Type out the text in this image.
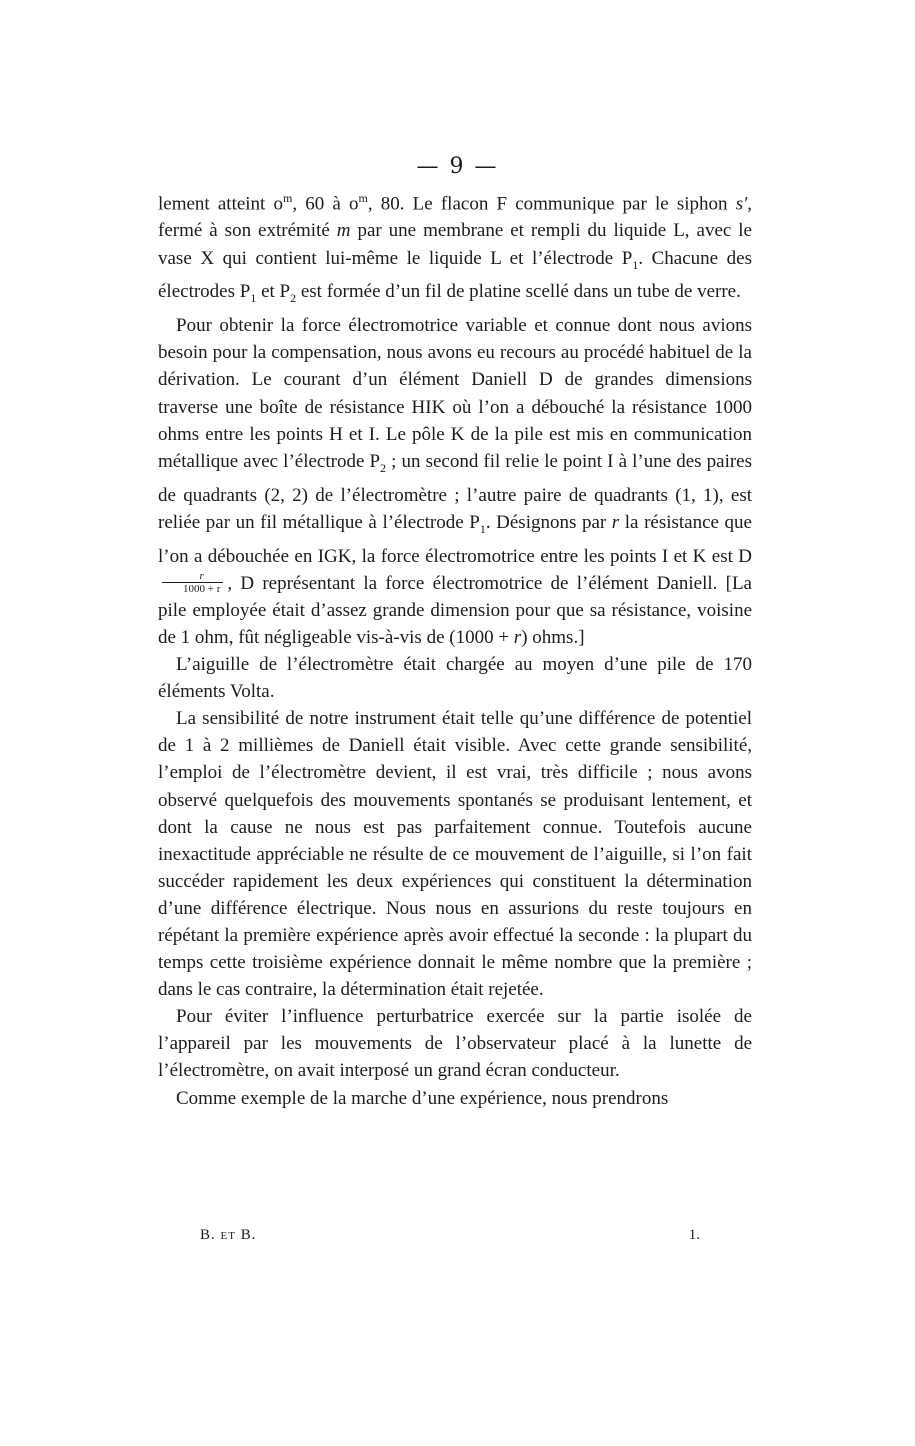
— 9 —

lement atteint $o^m$, 60 à $o^m$, 80. Le flacon F communique par le siphon s′, fermé à son extrémité m par une membrane et rempli du liquide L, avec le vase X qui contient lui-même le liquide L et l’électrode $P_1$. Chacune des électrodes $P_1$ et $P_2$ est formée d’un fil de platine scellé dans un tube de verre.

Pour obtenir la force électromotrice variable et connue dont nous avions besoin pour la compensation, nous avons eu recours au procédé habituel de la dérivation. Le courant d’un élément Daniell D de grandes dimensions traverse une boîte de résistance HIK où l’on a débouché la résistance 1000 ohms entre les points H et I. Le pôle K de la pile est mis en communication métallique avec l’électrode $P_2$ ; un second fil relie le point I à l’une des paires de quadrants (2, 2) de l’électromètre ; l’autre paire de quadrants (1, 1), est reliée par un fil métallique à l’électrode $P_1$. Désignons par r la résistance que l’on a débouchée en IGK, la force électromotrice entre les points I et K est D
$\frac{r}{1000 + r}$ , D représentant la force électromotrice de l’élément Daniell. [La pile employée était d’assez grande dimension pour que sa résistance, voisine de 1 ohm, fût négligeable vis-à-vis de (1000 + r) ohms.]

L’aiguille de l’électromètre était chargée au moyen d’une pile de 170 éléments Volta.

La sensibilité de notre instrument était telle qu’une différence de potentiel de 1 à 2 millièmes de Daniell était visible. Avec cette grande sensibilité, l’emploi de l’électromètre devient, il est vrai, très difficile ; nous avons observé quelquefois des mouvements spontanés se produisant lentement, et dont la cause ne nous est pas parfaitement connue. Toutefois aucune inexactitude appréciable ne résulte de ce mouvement de l’aiguille, si l’on fait succéder rapidement les deux expériences qui constituent la détermination d’une différence électrique. Nous nous en assurions du reste toujours en répétant la première expérience après avoir effectué la seconde : la plupart du temps cette troisième expérience donnait le même nombre que la première ; dans le cas contraire, la détermination était rejetée.

Pour éviter l’influence perturbatrice exercée sur la partie isolée de l’appareil par les mouvements de l’observateur placé à la lunette de l’électromètre, on avait interposé un grand écran conducteur.

Comme exemple de la marche d’une expérience, nous prendrons

B. ET B.	1.
